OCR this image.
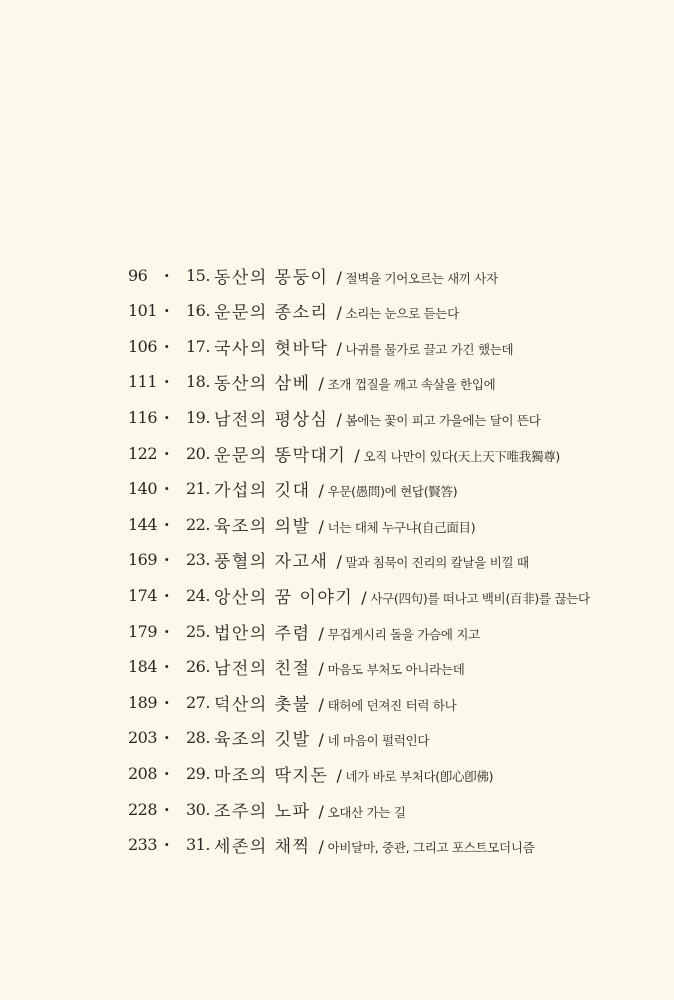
96 · 15. 동산의 몽둥이 / 절벽을 기어오르는 새끼 사자
101 · 16. 운문의 종소리 / 소리는 눈으로 듣는다
106 · 17. 국사의 혓바닥 / 나귀를 물가로 끌고 가긴 했는데
111 · 18. 동산의 삼베 / 조개 껍질을 깨고 속살을 한입에
116 · 19. 남전의 평상심 / 봄에는 꽃이 피고 가을에는 달이 뜬다
122 · 20. 운문의 똥막대기 / 오직 나만이 있다(天上天下唯我獨尊)
140 · 21. 가섭의 깃대 / 우문(愚問)에 현답(賢答)
144 · 22. 육조의 의발 / 너는 대체 누구냐(自己面目)
169 · 23. 풍혈의 자고새 / 말과 침묵이 진리의 칼날을 비낄 때
174 · 24. 앙산의 꿈 이야기 / 사구(四句)를 떠나고 백비(百非)를 끊는다
179 · 25. 법안의 주렴 / 무겁게시리 돌을 가슴에 지고
184 · 26. 남전의 친절 / 마음도 부처도 아니라는데
189 · 27. 덕산의 촛불 / 태허에 던져진 터럭 하나
203 · 28. 육조의 깃발 / 네 마음이 펄럭인다
208 · 29. 마조의 딱지돈 / 네가 바로 부처다(卽心卽佛)
228 · 30. 조주의 노파 / 오대산 가는 길
233 · 31. 세존의 채찍 / 아비달마, 중관, 그리고 포스트모더니즘
